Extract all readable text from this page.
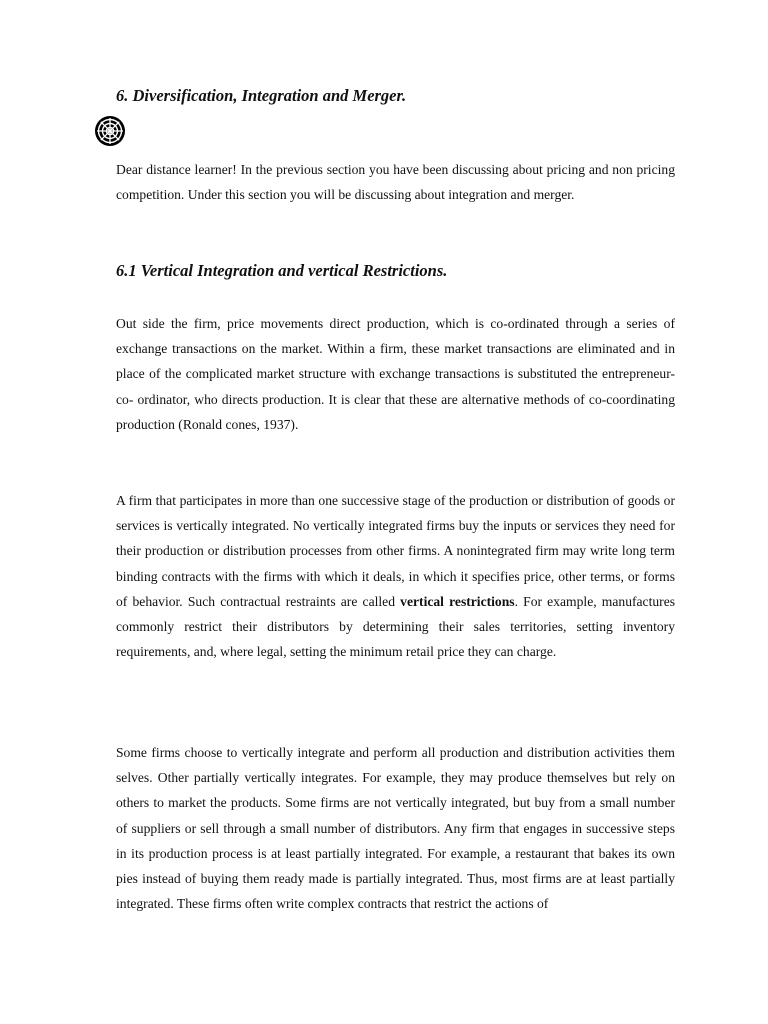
6. Diversification, Integration and Merger.
Dear distance learner! In the previous section you have been discussing about pricing and non pricing competition. Under this section you will be discussing about integration and merger.
6.1 Vertical Integration and vertical Restrictions.
Out side the firm, price movements direct production, which is co-ordinated through a series of exchange transactions on the market. Within a firm, these market transactions are eliminated and in place of the complicated market structure with exchange transactions is substituted the entrepreneur- co- ordinator, who directs production. It is clear that these are alternative methods of co-coordinating production (Ronald cones, 1937).
A firm that participates in more than one successive stage of the production or distribution of goods or services is vertically integrated. No vertically integrated firms buy the inputs or services they need for their production or distribution processes from other firms. A nonintegrated firm may write long term binding contracts with the firms with which it deals, in which it specifies price, other terms, or forms of behavior. Such contractual restraints are called vertical restrictions. For example, manufactures commonly restrict their distributors by determining their sales territories, setting inventory requirements, and, where legal, setting the minimum retail price they can charge.
Some firms choose to vertically integrate and perform all production and distribution activities them selves. Other partially vertically integrates. For example, they may produce themselves but rely on others to market the products. Some firms are not vertically integrated, but buy from a small number of suppliers or sell through a small number of distributors. Any firm that engages in successive steps in its production process is at least partially integrated. For example, a restaurant that bakes its own pies instead of buying them ready made is partially integrated. Thus, most firms are at least partially integrated. These firms often write complex contracts that restrict the actions of
